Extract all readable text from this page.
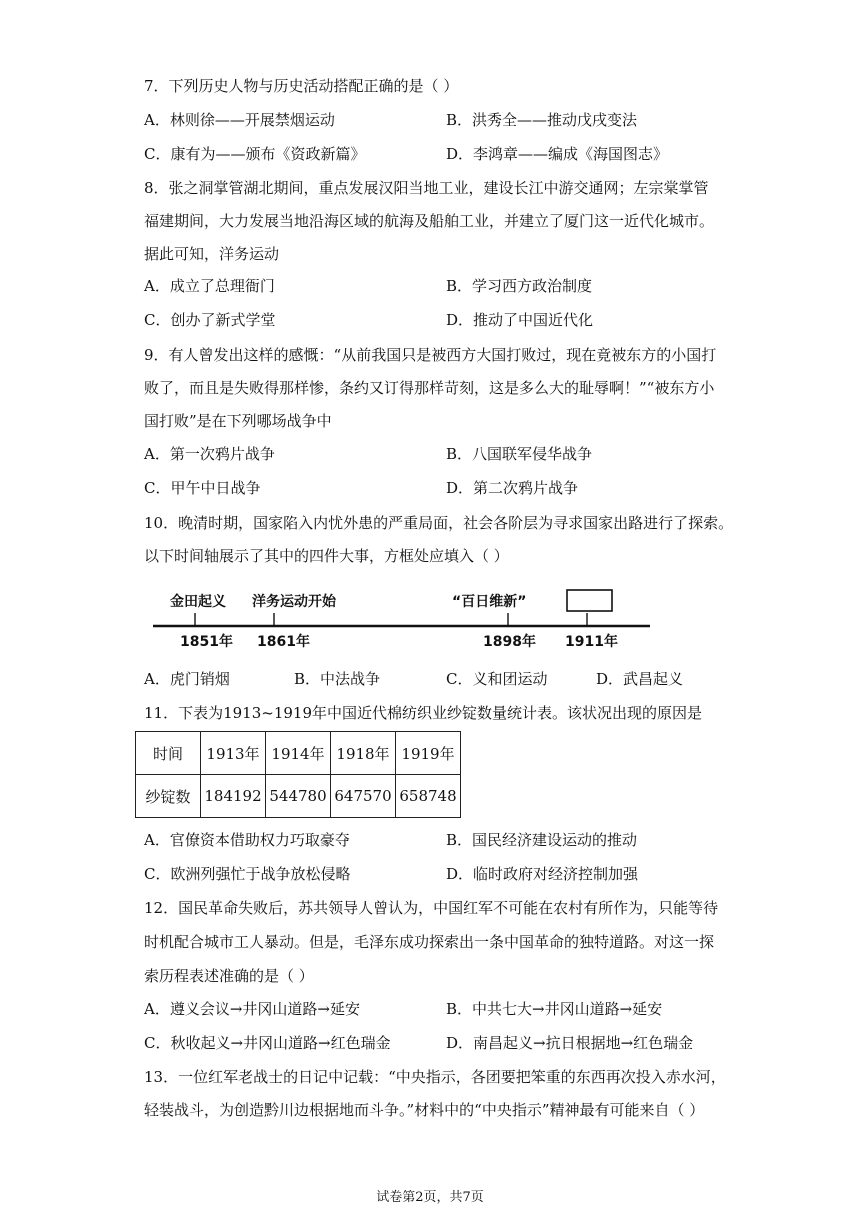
7．下列历史人物与历史活动搭配正确的是（ ）
A．林则徐——开展禁烟运动	B．洪秀全——推动戊戌变法
C．康有为——颁布《资政新篇》	D．李鸿章——编成《海国图志》
8．张之洞掌管湖北期间，重点发展汉阳当地工业，建设长江中游交通网；左宗棠掌管
福建期间，大力发展当地沿海区域的航海及船舶工业，并建立了厦门这一近代化城市。
据此可知，洋务运动
A．成立了总理衙门	B．学习西方政治制度
C．创办了新式学堂	D．推动了中国近代化
9．有人曾发出这样的感慨：“从前我国只是被西方大国打败过，现在竟被东方的小国打
败了，而且是失败得那样惨，条约又订得那样苛刻，这是多么大的耻辱啊！”“被东方小
国打败”是在下列哪场战争中
A．第一次鸦片战争	B．八国联军侵华战争
C．甲午中日战争	D．第二次鸦片战争
10．晚清时期，国家陷入内忧外患的严重局面，社会各阶层为寻求国家出路进行了探索。
以下时间轴展示了其中的四件大事，方框处应填入（ ）
金田起义 洋务运动开始	“百日维新”
1851年 1861年	1898年 1911年
A．虎门销烟	B．中法战争	C．义和团运动	D．武昌起义
11．下表为1913~1919年中国近代棉纺织业纱锭数量统计表。该状况出现的原因是
时间	1913年	1914年	1918年	1919年
纱锭数	184192	544780	647570	658748
A．官僚资本借助权力巧取豪夺	B．国民经济建设运动的推动
C．欧洲列强忙于战争放松侵略	D．临时政府对经济控制加强
12．国民革命失败后，苏共领导人曾认为，中国红军不可能在农村有所作为，只能等待
时机配合城市工人暴动。但是，毛泽东成功探索出一条中国革命的独特道路。对这一探
索历程表述准确的是（ ）
A．遵义会议→井冈山道路→延安	B．中共七大→井冈山道路→延安
C．秋收起义→井冈山道路→红色瑞金	D．南昌起义→抗日根据地→红色瑞金
13．一位红军老战士的日记中记载：“中央指示，各团要把笨重的东西再次投入赤水河，
轻装战斗，为创造黔川边根据地而斗争。”材料中的“中央指示”精神最有可能来自（ ）
试卷第2页，共7页
